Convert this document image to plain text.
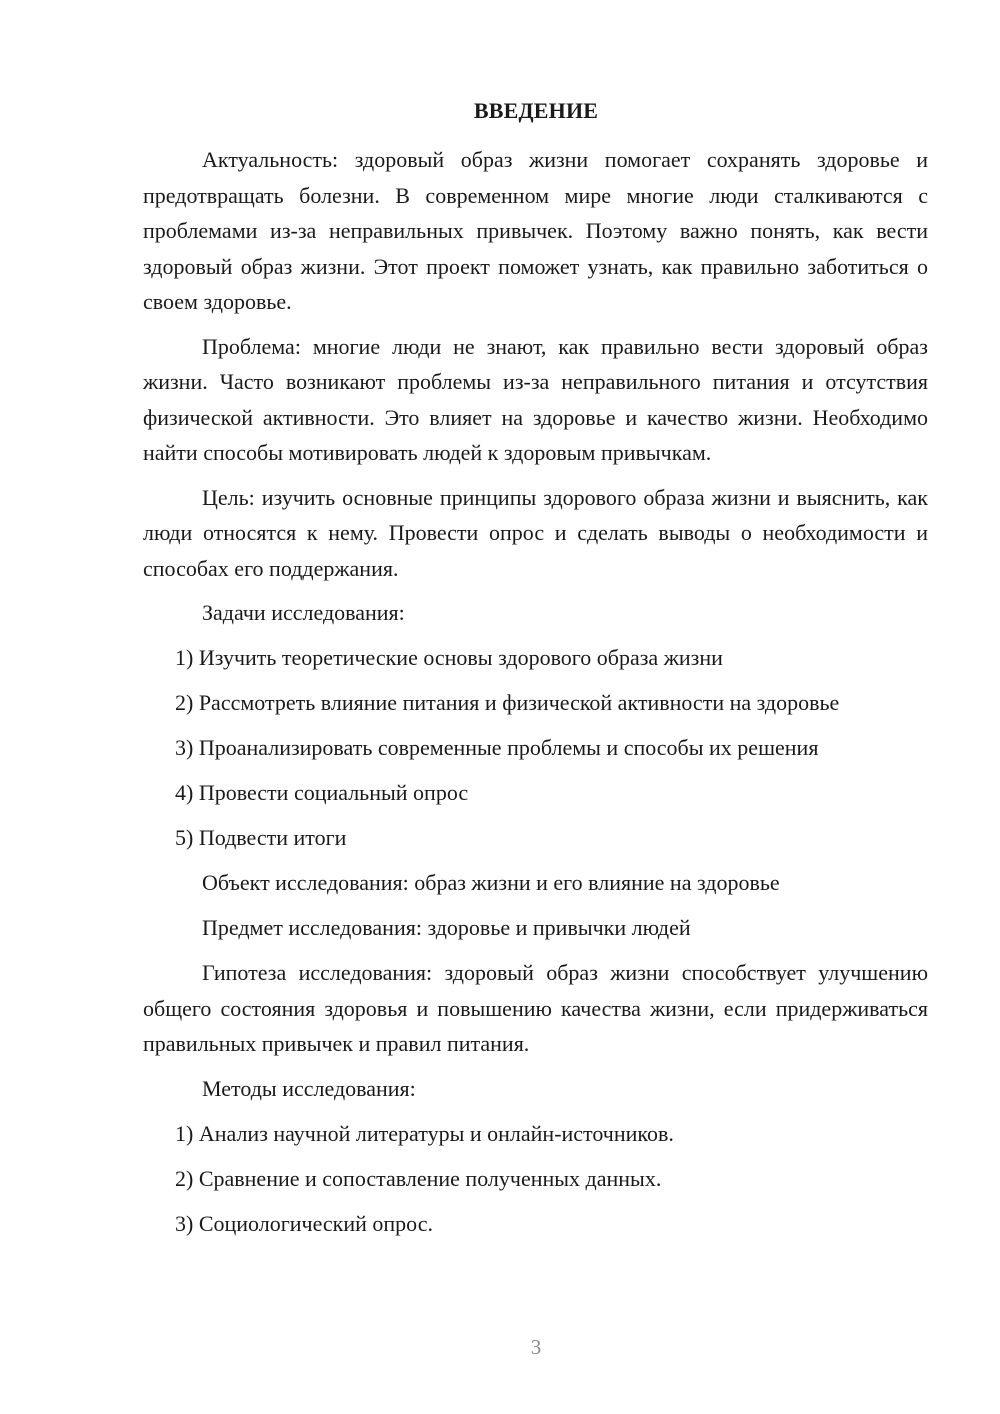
ВВЕДЕНИЕ

Актуальность: здоровый образ жизни помогает сохранять здоровье и предотвращать болезни. В современном мире многие люди сталкиваются с проблемами из-за неправильных привычек. Поэтому важно понять, как вести здоровый образ жизни. Этот проект поможет узнать, как правильно заботиться о своем здоровье.

Проблема: многие люди не знают, как правильно вести здоровый образ жизни. Часто возникают проблемы из-за неправильного питания и отсутствия физической активности. Это влияет на здоровье и качество жизни. Необходимо найти способы мотивировать людей к здоровым привычкам.

Цель: изучить основные принципы здорового образа жизни и выяснить, как люди относятся к нему. Провести опрос и сделать выводы о необходимости и способах его поддержания.

Задачи исследования:

1) Изучить теоретические основы здорового образа жизни

2) Рассмотреть влияние питания и физической активности на здоровье

3) Проанализировать современные проблемы и способы их решения

4) Провести социальный опрос

5) Подвести итоги

Объект исследования: образ жизни и его влияние на здоровье

Предмет исследования: здоровье и привычки людей

Гипотеза исследования: здоровый образ жизни способствует улучшению общего состояния здоровья и повышению качества жизни, если придерживаться правильных привычек и правил питания.

Методы исследования:

1) Анализ научной литературы и онлайн-источников.

2) Сравнение и сопоставление полученных данных.

3) Социологический опрос.

3
